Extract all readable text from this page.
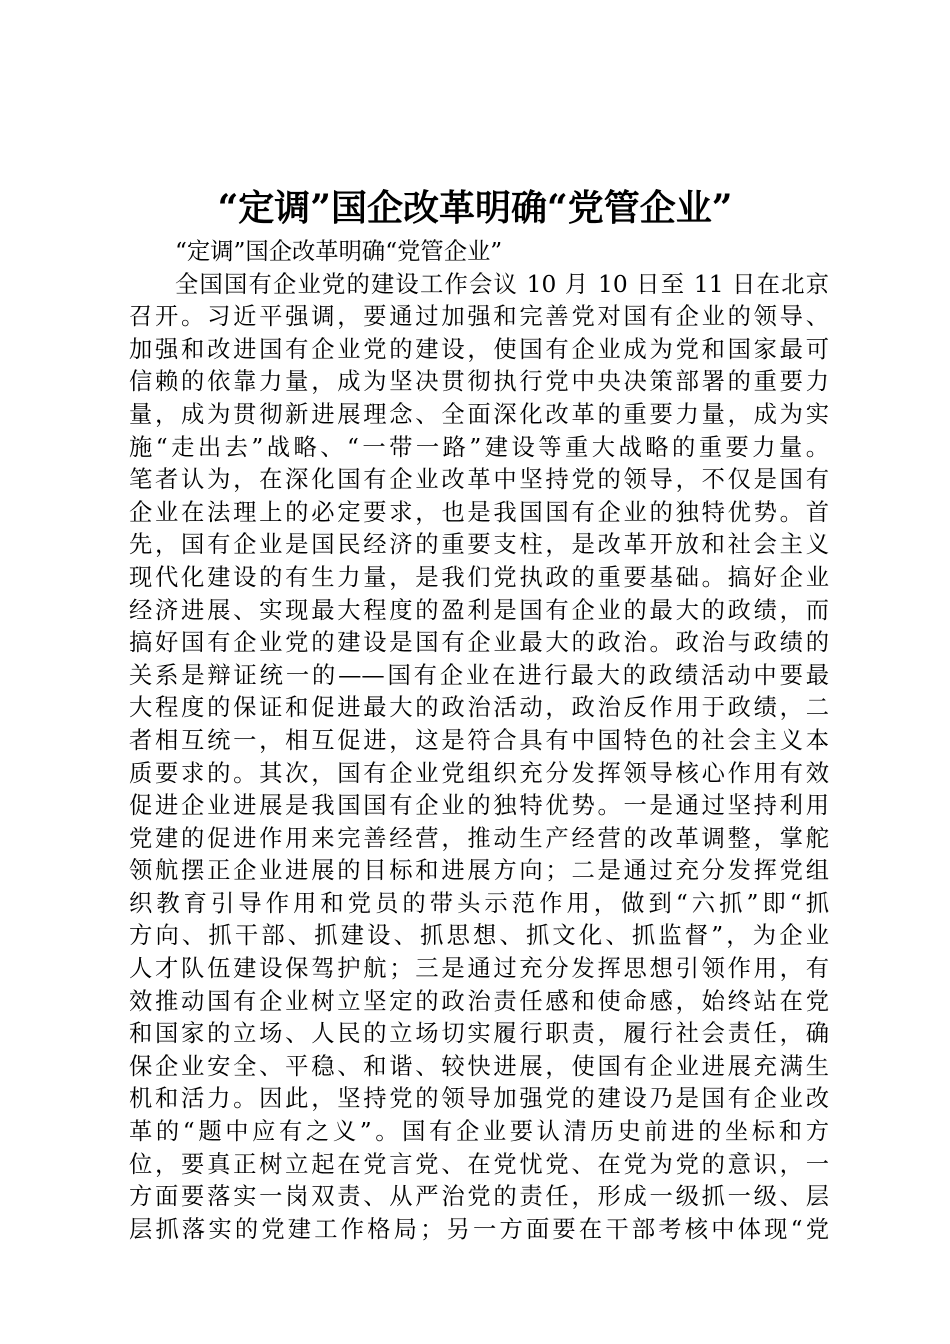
“定调”国企改革明确“党管企业”
“定调”国企改革明确“党管企业”
全国国有企业党的建设工作会议 10 月 10 日至 11 日在北京
召开。习近平强调，要通过加强和完善党对国有企业的领导、
加强和改进国有企业党的建设，使国有企业成为党和国家最可
信赖的依靠力量，成为坚决贯彻执行党中央决策部署的重要力
量，成为贯彻新进展理念、全面深化改革的重要力量，成为实
施“走出去”战略、“一带一路”建设等重大战略的重要力量。
笔者认为，在深化国有企业改革中坚持党的领导，不仅是国有
企业在法理上的必定要求，也是我国国有企业的独特优势。首
先，国有企业是国民经济的重要支柱，是改革开放和社会主义
现代化建设的有生力量，是我们党执政的重要基础。搞好企业
经济进展、实现最大程度的盈利是国有企业的最大的政绩，而
搞好国有企业党的建设是国有企业最大的政治。政治与政绩的
关系是辩证统一的——国有企业在进行最大的政绩活动中要最
大程度的保证和促进最大的政治活动，政治反作用于政绩，二
者相互统一，相互促进，这是符合具有中国特色的社会主义本
质要求的。其次，国有企业党组织充分发挥领导核心作用有效
促进企业进展是我国国有企业的独特优势。一是通过坚持利用
党建的促进作用来完善经营，推动生产经营的改革调整，掌舵
领航摆正企业进展的目标和进展方向；二是通过充分发挥党组
织教育引导作用和党员的带头示范作用，做到“六抓”即“抓
方向、抓干部、抓建设、抓思想、抓文化、抓监督”，为企业
人才队伍建设保驾护航；三是通过充分发挥思想引领作用，有
效推动国有企业树立坚定的政治责任感和使命感，始终站在党
和国家的立场、人民的立场切实履行职责，履行社会责任，确
保企业安全、平稳、和谐、较快进展，使国有企业进展充满生
机和活力。因此，坚持党的领导加强党的建设乃是国有企业改
革的“题中应有之义”。国有企业要认清历史前进的坐标和方
位，要真正树立起在党言党、在党忧党、在党为党的意识，一
方面要落实一岗双责、从严治党的责任，形成一级抓一级、层
层抓落实的党建工作格局；另一方面要在干部考核中体现“党
